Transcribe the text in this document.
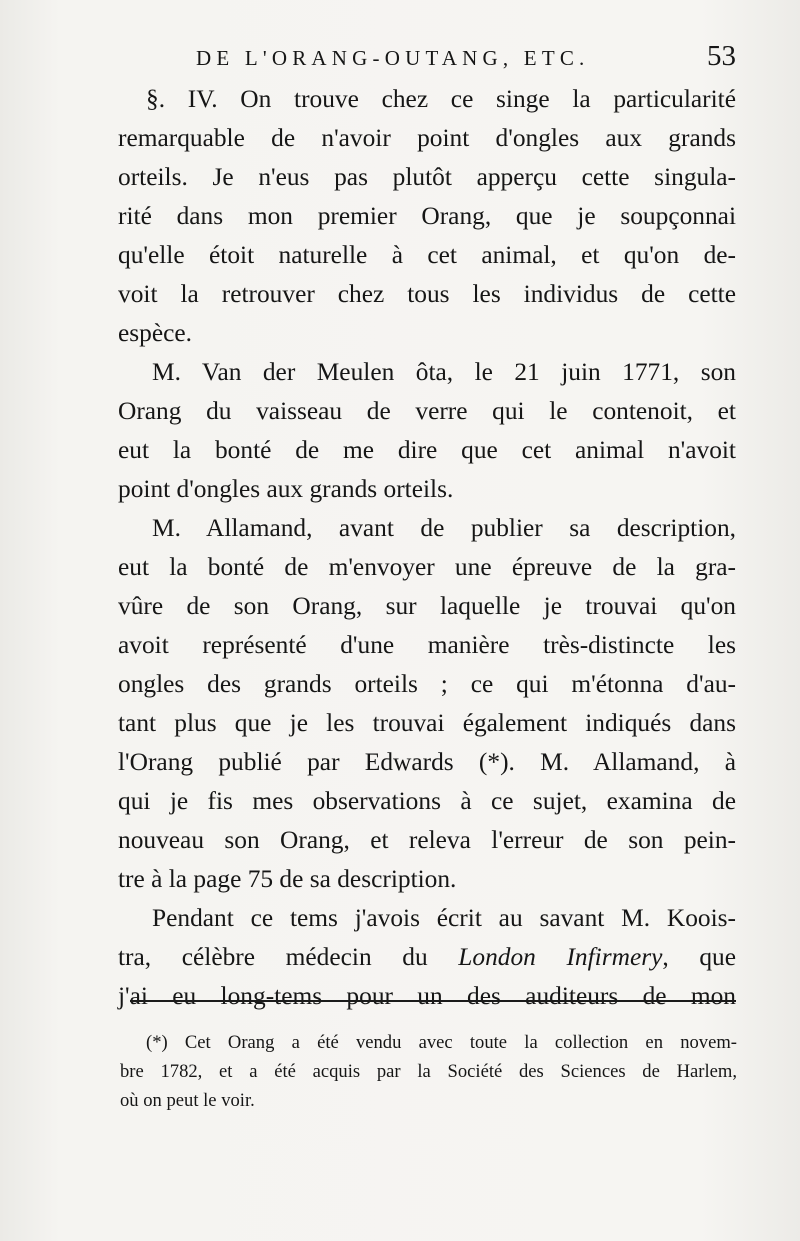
DE L'ORANG-OUTANG, ETC.	53
§. IV. On trouve chez ce singe la particularité
remarquable de n'avoir point d'ongles aux grands
orteils. Je n'eus pas plutôt apperçu cette singula-
rité dans mon premier Orang, que je soupçonnai
qu'elle étoit naturelle à cet animal, et qu'on de-
voit la retrouver chez tous les individus de cette
espèce.
M. Van der Meulen ôta, le 21 juin 1771, son
Orang du vaisseau de verre qui le contenoit, et
eut la bonté de me dire que cet animal n'avoit
point d'ongles aux grands orteils.
M. Allamand, avant de publier sa description,
eut la bonté de m'envoyer une épreuve de la gra-
vûre de son Orang, sur laquelle je trouvai qu'on
avoit représenté d'une manière très-distincte les
ongles des grands orteils ; ce qui m'étonna d'au-
tant plus que je les trouvai également indiqués dans
l'Orang publié par Edwards (*). M. Allamand, à
qui je fis mes observations à ce sujet, examina de
nouveau son Orang, et releva l'erreur de son pein-
tre à la page 75 de sa description.
Pendant ce tems j'avois écrit au savant M. Koois-
tra, célèbre médecin du London Infirmery, que
j'ai eu long-tems pour un des auditeurs de mon
(*) Cet Orang a été vendu avec toute la collection en novem-
bre 1782, et a été acquis par la Société des Sciences de Harlem,
où on peut le voir.
